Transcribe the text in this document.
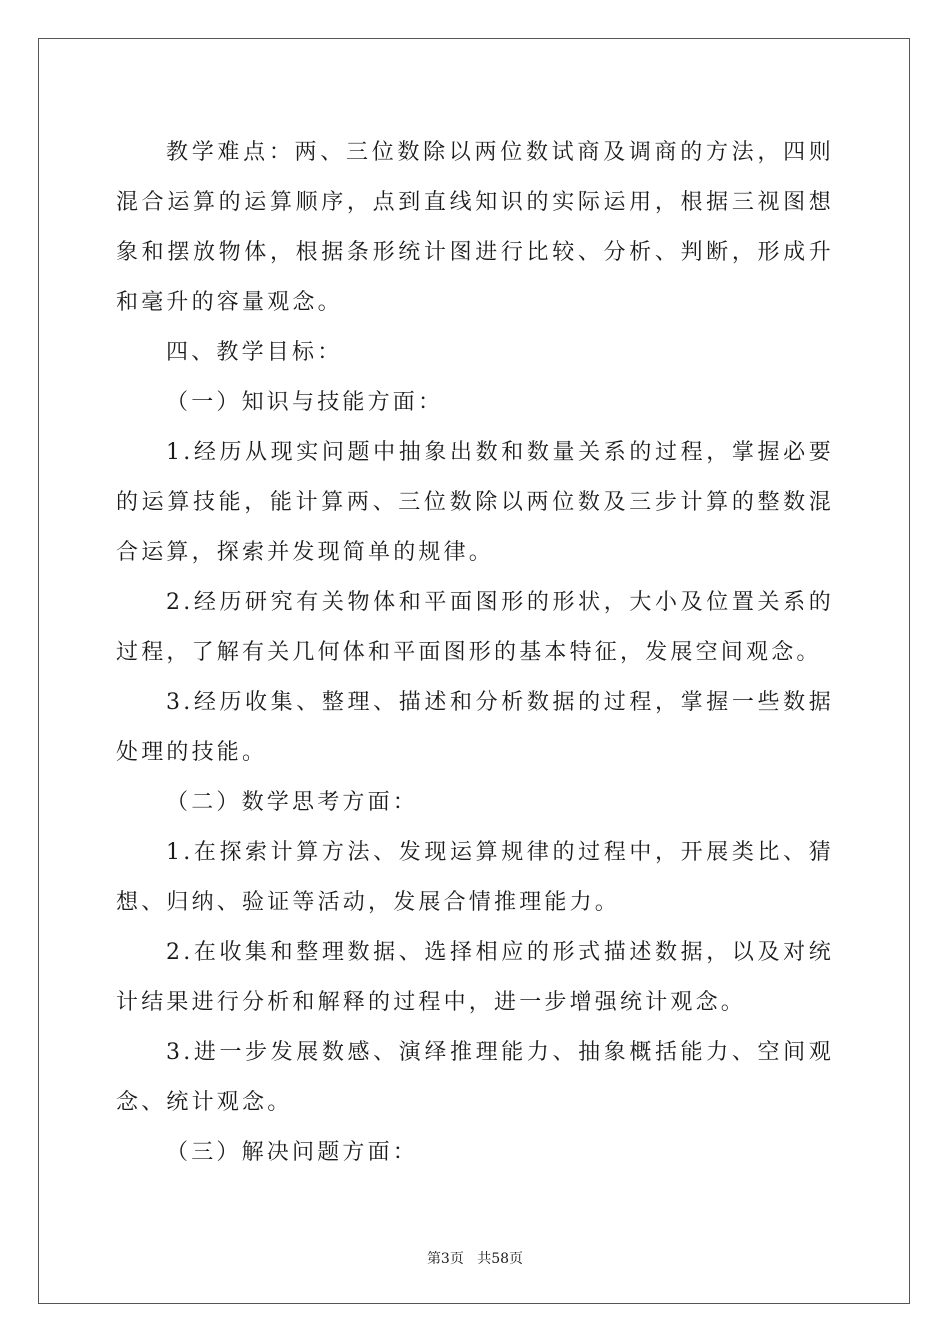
教学难点：两、三位数除以两位数试商及调商的方法，四则混合运算的运算顺序，点到直线知识的实际运用，根据三视图想象和摆放物体，根据条形统计图进行比较、分析、判断，形成升和毫升的容量观念。

四、教学目标：

（一）知识与技能方面：

1.经历从现实问题中抽象出数和数量关系的过程，掌握必要的运算技能，能计算两、三位数除以两位数及三步计算的整数混合运算，探索并发现简单的规律。

2.经历研究有关物体和平面图形的形状，大小及位置关系的过程，了解有关几何体和平面图形的基本特征，发展空间观念。

3.经历收集、整理、描述和分析数据的过程，掌握一些数据处理的技能。

（二）数学思考方面：

1.在探索计算方法、发现运算规律的过程中，开展类比、猜想、归纳、验证等活动，发展合情推理能力。

2.在收集和整理数据、选择相应的形式描述数据，以及对统计结果进行分析和解释的过程中，进一步增强统计观念。

3.进一步发展数感、演绎推理能力、抽象概括能力、空间观念、统计观念。

（三）解决问题方面：

第3页 共58页
